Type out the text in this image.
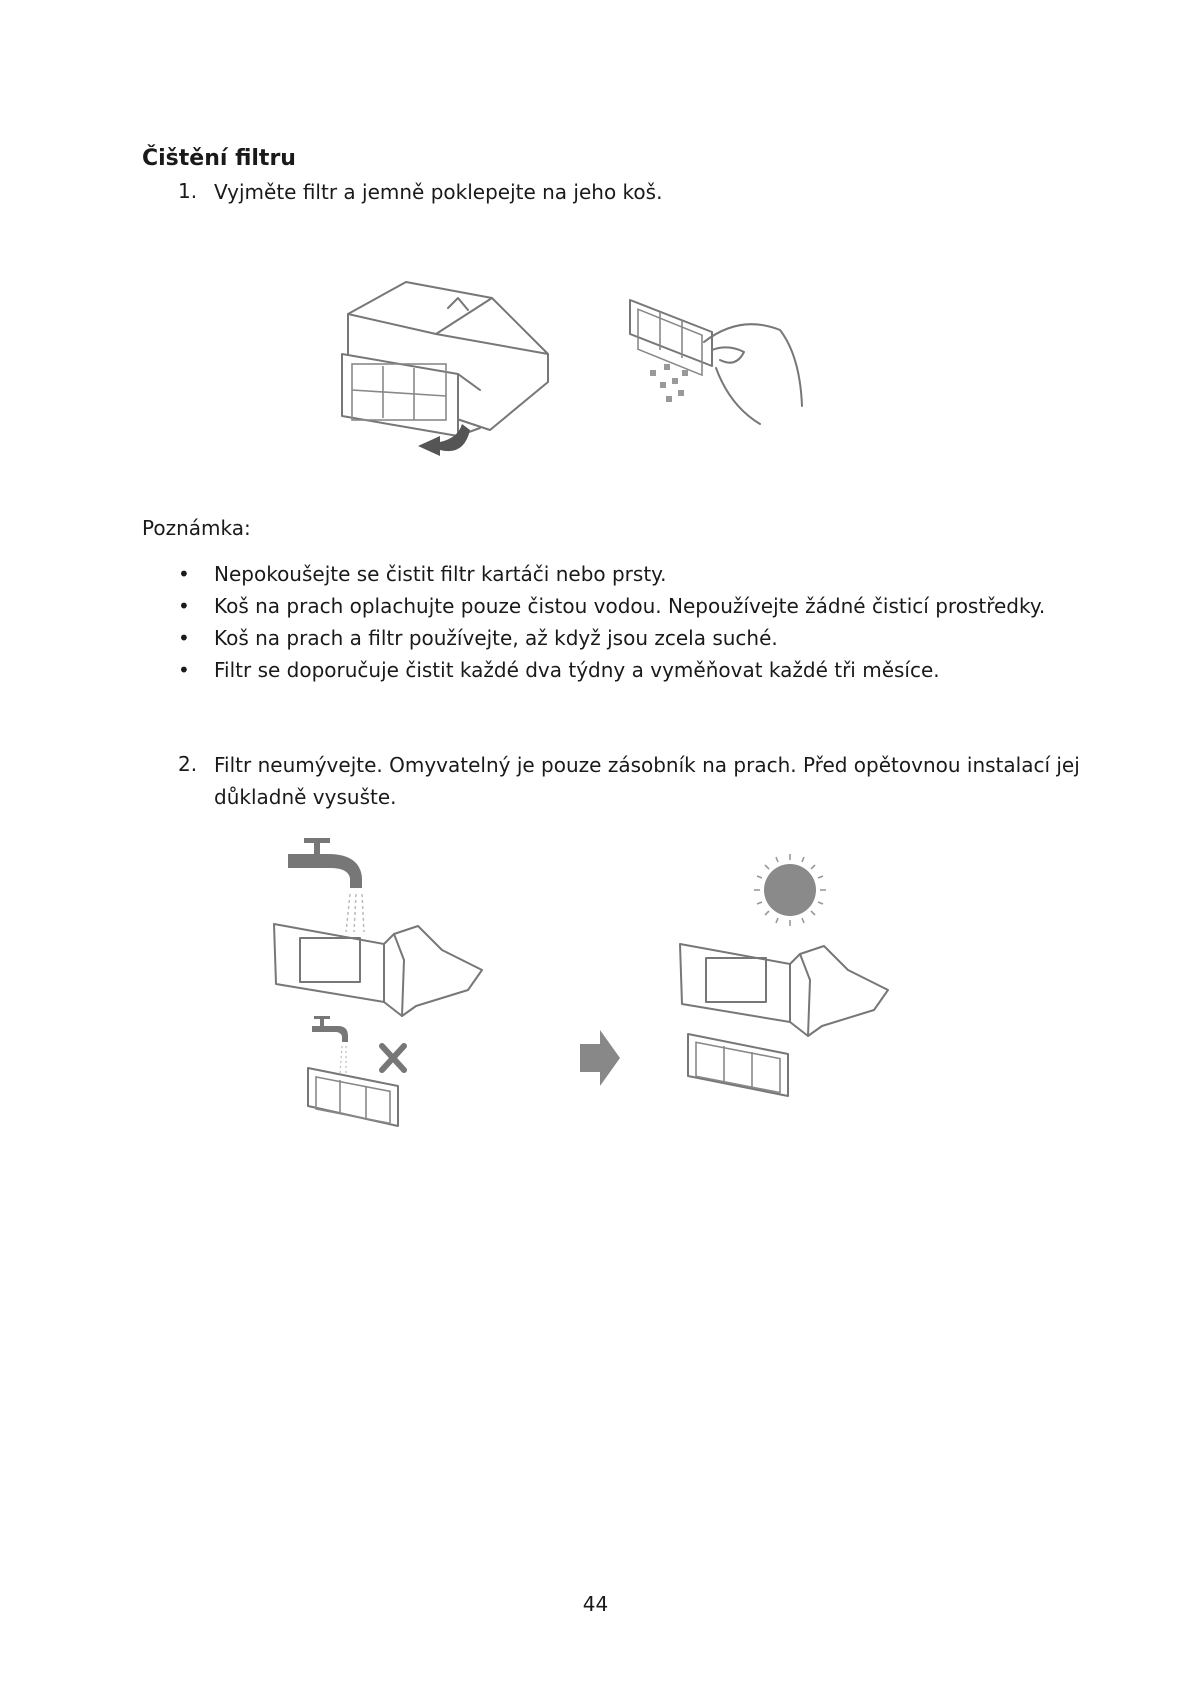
Čištění filtru
1. Vyjměte filtr a jemně poklepejte na jeho koš.
Poznámka:
• Nepokoušejte se čistit filtr kartáči nebo prsty.
• Koš na prach oplachujte pouze čistou vodou. Nepoužívejte žádné čisticí prostředky.
• Koš na prach a filtr používejte, až když jsou zcela suché.
• Filtr se doporučuje čistit každé dva týdny a vyměňovat každé tři měsíce.
2. Filtr neumývejte. Omyvatelný je pouze zásobník na prach. Před opětovnou instalací jej
důkladně vysušte.
44
